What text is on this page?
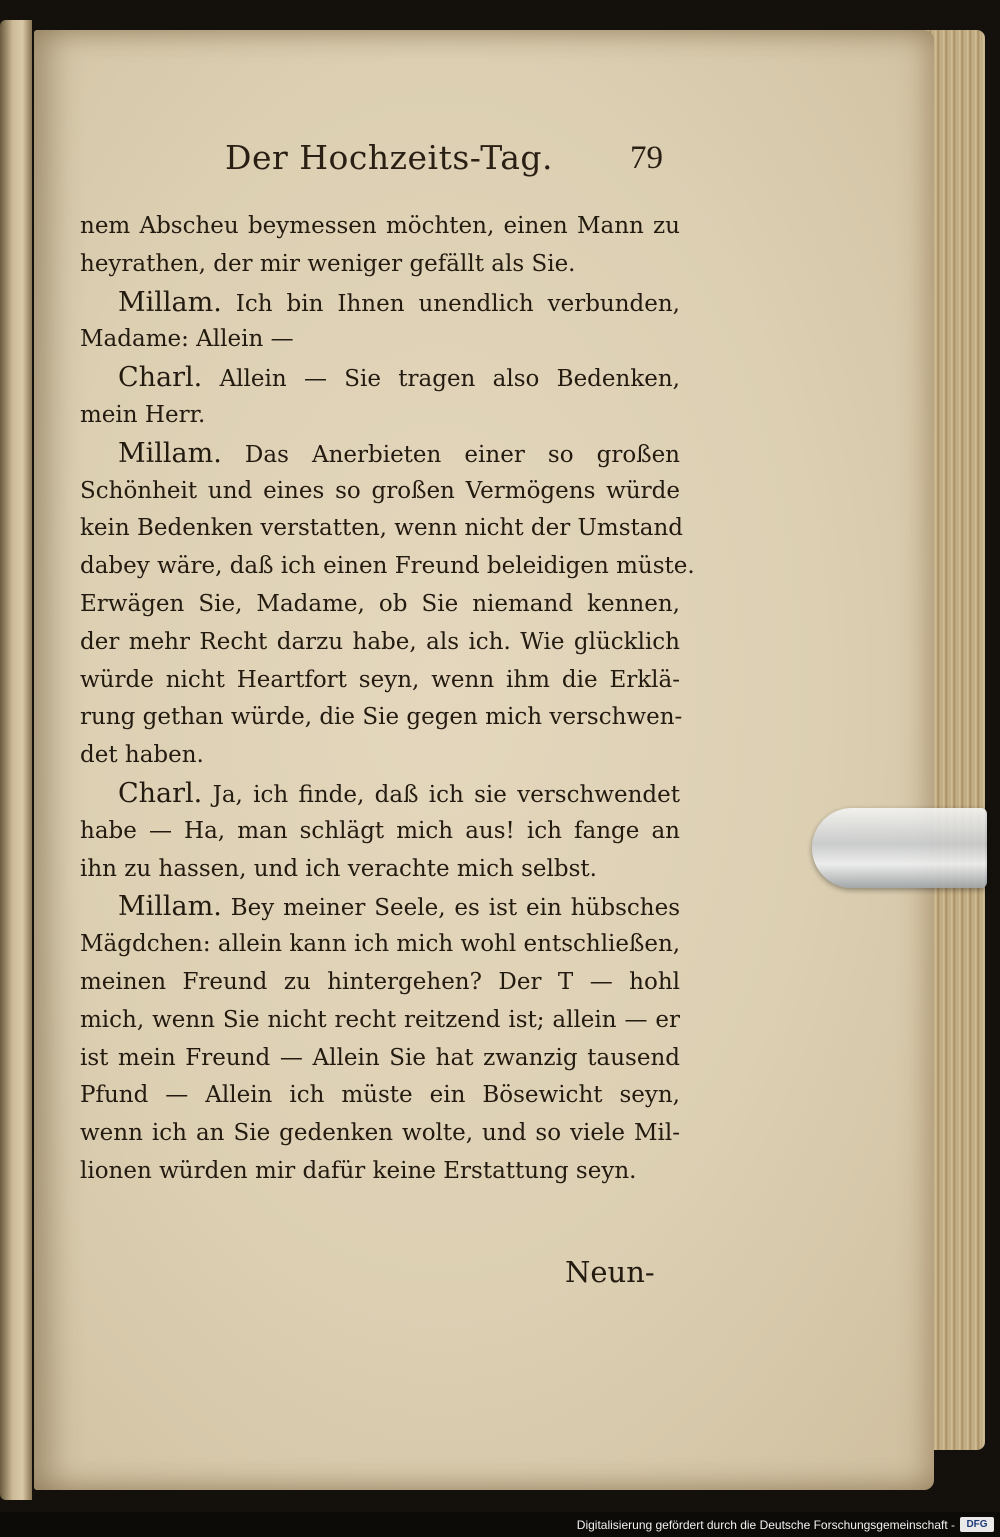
Der Hochzeits-Tag.	79
nem Abscheu beymessen möchten, einen Mann zu
heyrathen, der mir weniger gefällt als Sie.
Millam. Ich bin Ihnen unendlich verbunden,
Madame: Allein —
Charl. Allein — Sie tragen also Bedenken,
mein Herr.
Millam. Das Anerbieten einer so großen
Schönheit und eines so großen Vermögens würde
kein Bedenken verstatten, wenn nicht der Umstand
dabey wäre, daß ich einen Freund beleidigen müste.
Erwägen Sie, Madame, ob Sie niemand kennen,
der mehr Recht darzu habe, als ich. Wie glücklich
würde nicht Heartfort seyn, wenn ihm die Erklä-
rung gethan würde, die Sie gegen mich verschwen-
det haben.
Charl. Ja, ich finde, daß ich sie verschwendet
habe — Ha, man schlägt mich aus! ich fange an
ihn zu hassen, und ich verachte mich selbst.
Millam. Bey meiner Seele, es ist ein hübsches
Mägdchen: allein kann ich mich wohl entschließen,
meinen Freund zu hintergehen? Der T — hohl
mich, wenn Sie nicht recht reitzend ist; allein — er
ist mein Freund — Allein Sie hat zwanzig tausend
Pfund — Allein ich müste ein Bösewicht seyn,
wenn ich an Sie gedenken wolte, und so viele Mil-
lionen würden mir dafür keine Erstattung seyn.
Neun-
Digitalisierung gefördert durch die Deutsche Forschungsgemeinschaft -	DFG
